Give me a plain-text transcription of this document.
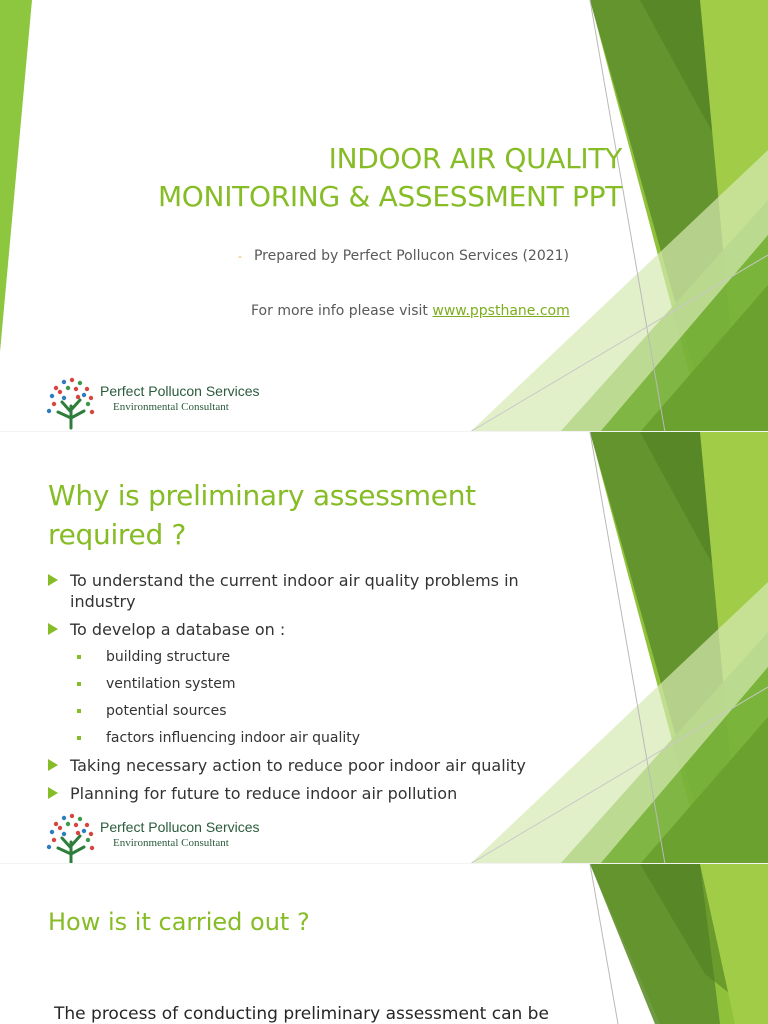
INDOOR AIR QUALITY
MONITORING & ASSESSMENT PPT
- Prepared by Perfect Pollucon Services (2021)
For more info please visit www.ppsthane.com
Perfect Pollucon Services
Environmental Consultant
Why is preliminary assessment required ?
To understand the current indoor air quality problems in industry
To develop a database on :
building structure
ventilation system
potential sources
factors influencing indoor air quality
Taking necessary action to reduce poor indoor air quality
Planning for future to reduce indoor air pollution
Perfect Pollucon Services
Environmental Consultant
How is it carried out ?
The process of conducting preliminary assessment can be
